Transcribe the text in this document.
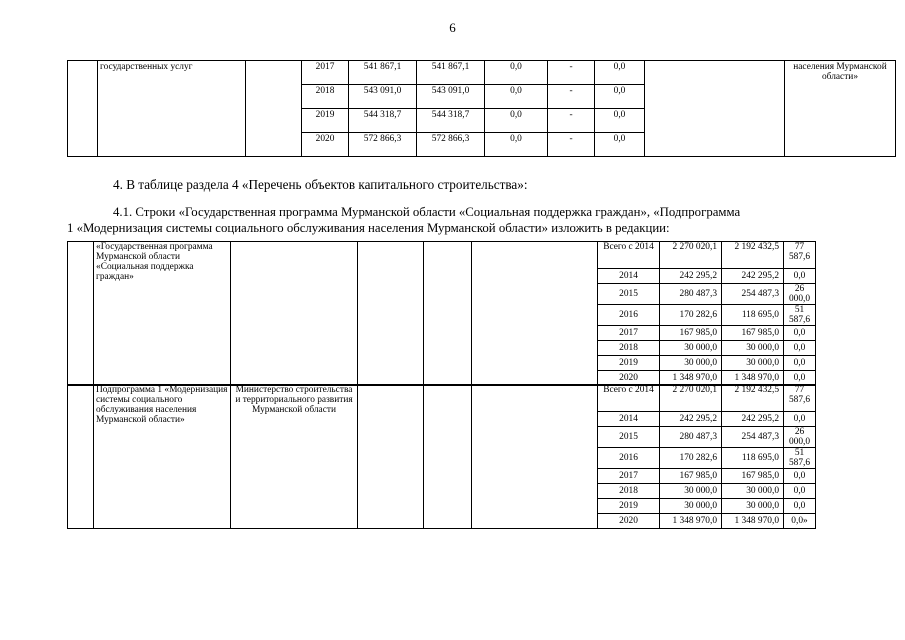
6
	государственных услуг		2017	541 867,1	541 867,1	0,0	-	0,0		населения Мурманской области»
			2018	543 091,0	543 091,0	0,0	-	0,0		
			2019	544 318,7	544 318,7	0,0	-	0,0		
			2020	572 866,3	572 866,3	0,0	-	0,0		
4. В таблице раздела 4 «Перечень объектов капитального строительства»:
4.1. Строки «Государственная программа Мурманской области «Социальная поддержка граждан», «Подпрограмма
1 «Модернизация системы социального обслуживания населения Мурманской области» изложить в редакции:
	«Государственная программа Мурманской области «Социальная поддержка граждан»					Всего с 2014	2 270 020,1	2 192 432,5	77 587,6
						2014	242 295,2	242 295,2	0,0
						2015	280 487,3	254 487,3	26 000,0
						2016	170 282,6	118 695,0	51 587,6
						2017	167 985,0	167 985,0	0,0
						2018	30 000,0	30 000,0	0,0
						2019	30 000,0	30 000,0	0,0
						2020	1 348 970,0	1 348 970,0	0,0
	Подпрограмма 1 «Модернизация системы социального обслуживания населения Мурманской области»	Министерство строительства и территориального развития Мурманской области				Всего с 2014	2 270 020,1	2 192 432,5	77 587,6
						2014	242 295,2	242 295,2	0,0
						2015	280 487,3	254 487,3	26 000,0
						2016	170 282,6	118 695,0	51 587,6
						2017	167 985,0	167 985,0	0,0
						2018	30 000,0	30 000,0	0,0
						2019	30 000,0	30 000,0	0,0
						2020	1 348 970,0	1 348 970,0	0,0»
